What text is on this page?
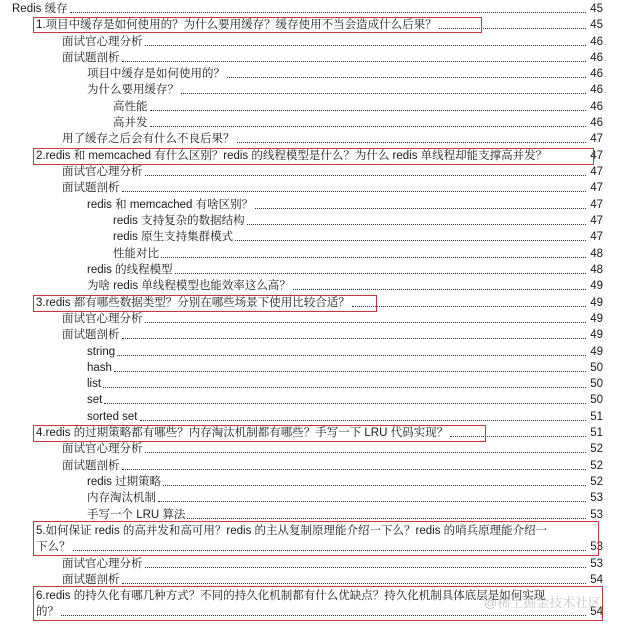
Redis 缓存	45
1.项目中缓存是如何使用的？为什么要用缓存？缓存使用不当会造成什么后果？	45
面试官心理分析	46
面试题剖析	46
项目中缓存是如何使用的？	46
为什么要用缓存？	46
高性能	46
高并发	46
用了缓存之后会有什么不良后果？	47
2.redis 和 memcached 有什么区别？redis 的线程模型是什么？为什么 redis 单线程却能支撑高并发？	47
面试官心理分析	47
面试题剖析	47
redis 和 memcached 有啥区别？	47
redis 支持复杂的数据结构	47
redis 原生支持集群模式	47
性能对比	48
redis 的线程模型	48
为啥 redis 单线程模型也能效率这么高？	49
3.redis 都有哪些数据类型？分别在哪些场景下使用比较合适？	49
面试官心理分析	49
面试题剖析	49
string	49
hash	50
list	50
set	50
sorted set	51
4.redis 的过期策略都有哪些？内存淘汰机制都有哪些？手写一下 LRU 代码实现？	51
面试官心理分析	52
面试题剖析	52
redis 过期策略	52
内存淘汰机制	53
手写一个 LRU 算法	53
5.如何保证 redis 的高并发和高可用？redis 的主从复制原理能介绍一下么？redis 的哨兵原理能介绍一
下么？	53
面试官心理分析	53
面试题剖析	54
6.redis 的持久化有哪几种方式？不同的持久化机制都有什么优缺点？持久化机制具体底层是如何实现
的？	54
@稀土掘金技术社区
